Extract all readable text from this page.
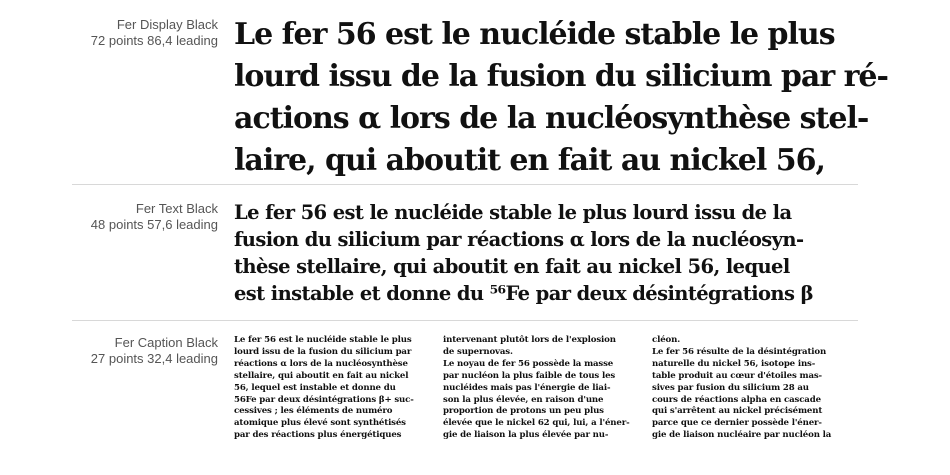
Fer Display Black
72 points 86,4 leading Le fer 56 est le nucléide stable le plus
lourd issu de la fusion du silicium par ré-
actions α lors de la nucléosynthèse stel-
laire, qui aboutit en fait au nickel 56,
Fer Text Black
48 points 57,6 leading
Le fer 56 est le nucléide stable le plus lourd issu de la
fusion du silicium par réactions α lors de la nucléosyn-
thèse stellaire, qui aboutit en fait au nickel 56, lequel
est instable et donne du ⁵⁶Fe par deux désintégrations β
Fer Caption Black
27 points 32,4 leading
Le fer 56 est le nucléide stable le plus
lourd issu de la fusion du silicium par
réactions α lors de la nucléosynthèse
stellaire, qui aboutit en fait au nickel
56, lequel est instable et donne du
56Fe par deux désintégrations β+ suc-
cessives ; les éléments de numéro
atomique plus élevé sont synthétisés
par des réactions plus énergétiques
intervenant plutôt lors de l'explosion
de supernovas.
Le noyau de fer 56 possède la masse
par nucléon la plus faible de tous les
nucléides mais pas l'énergie de liai-
son la plus élevée, en raison d'une
proportion de protons un peu plus
élevée que le nickel 62 qui, lui, a l'éner-
gie de liaison la plus élevée par nu-
cléon.
Le fer 56 résulte de la désintégration
naturelle du nickel 56, isotope ins-
table produit au cœur d'étoiles mas-
sives par fusion du silicium 28 au
cours de réactions alpha en cascade
qui s'arrêtent au nickel précisément
parce que ce dernier possède l'éner-
gie de liaison nucléaire par nucléon la
